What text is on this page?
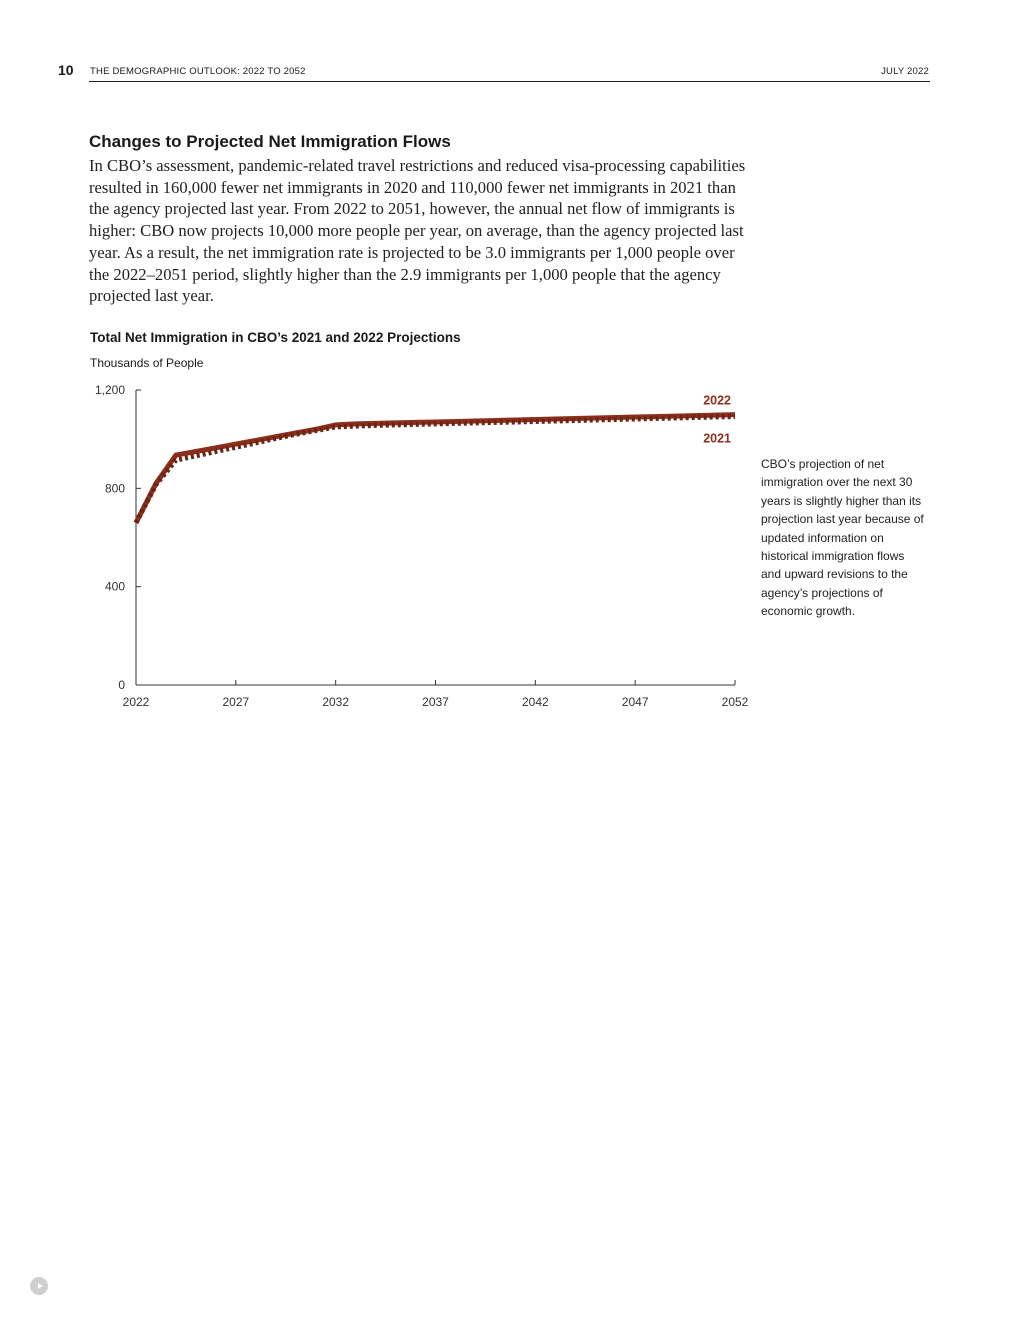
10 THE DEMOGRAPHIC OUTLOOK: 2022 TO 2052	JULY 2022
Changes to Projected Net Immigration Flows

In CBO’s assessment, pandemic-related travel restrictions and reduced visa-processing capabilities resulted in 160,000 fewer net immigrants in 2020 and 110,000 fewer net immigrants in 2021 than the agency projected last year. From 2022 to 2051, however, the annual net flow of immigrants is higher: CBO now projects 10,000 more people per year, on average, than the agency projected last year. As a result, the net immigration rate is projected to be 3.0 immigrants per 1,000 people over the 2022–2051 period, slightly higher than the 2.9 immigrants per 1,000 people that the agency projected last year.

Total Net Immigration in CBO’s 2021 and 2022 Projections
Thousands of People
0
400
800
1,200
2022	2027	2032	2037	2042	2047	2052
2022
2021

CBO’s projection of net immigration over the next 30 years is slightly higher than its projection last year because of updated information on historical immigration flows and upward revisions to the agency’s projections of economic growth.
